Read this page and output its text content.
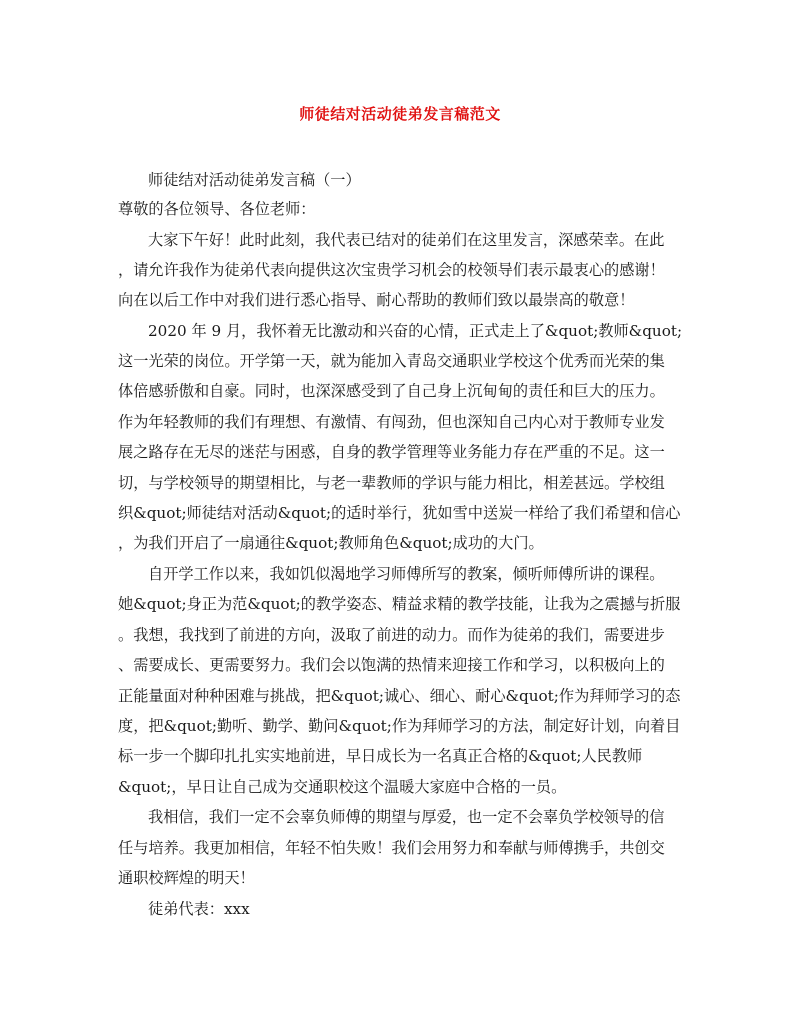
师徒结对活动徒弟发言稿范文
师徒结对活动徒弟发言稿（一）
尊敬的各位领导、各位老师：
大家下午好！此时此刻，我代表已结对的徒弟们在这里发言，深感荣幸。在此
，请允许我作为徒弟代表向提供这次宝贵学习机会的校领导们表示最衷心的感谢！
向在以后工作中对我们进行悉心指导、耐心帮助的教师们致以最崇高的敬意！
2020 年 9 月，我怀着无比激动和兴奋的心情，正式走上了&quot;教师&quot;
这一光荣的岗位。开学第一天，就为能加入青岛交通职业学校这个优秀而光荣的集
体倍感骄傲和自豪。同时，也深深感受到了自己身上沉甸甸的责任和巨大的压力。
作为年轻教师的我们有理想、有激情、有闯劲，但也深知自己内心对于教师专业发
展之路存在无尽的迷茫与困惑，自身的教学管理等业务能力存在严重的不足。这一
切，与学校领导的期望相比，与老一辈教师的学识与能力相比，相差甚远。学校组
织&quot;师徒结对活动&quot;的适时举行，犹如雪中送炭一样给了我们希望和信心
，为我们开启了一扇通往&quot;教师角色&quot;成功的大门。
自开学工作以来，我如饥似渴地学习师傅所写的教案，倾听师傅所讲的课程。
她&quot;身正为范&quot;的教学姿态、精益求精的教学技能，让我为之震撼与折服
。我想，我找到了前进的方向，汲取了前进的动力。而作为徒弟的我们，需要进步
、需要成长、更需要努力。我们会以饱满的热情来迎接工作和学习，以积极向上的
正能量面对种种困难与挑战，把&quot;诚心、细心、耐心&quot;作为拜师学习的态
度，把&quot;勤听、勤学、勤问&quot;作为拜师学习的方法，制定好计划，向着目
标一步一个脚印扎扎实实地前进，早日成长为一名真正合格的&quot;人民教师
&quot;，早日让自己成为交通职校这个温暖大家庭中合格的一员。
我相信，我们一定不会辜负师傅的期望与厚爱，也一定不会辜负学校领导的信
任与培养。我更加相信，年轻不怕失败！我们会用努力和奉献与师傅携手，共创交
通职校辉煌的明天！
徒弟代表：xxx
